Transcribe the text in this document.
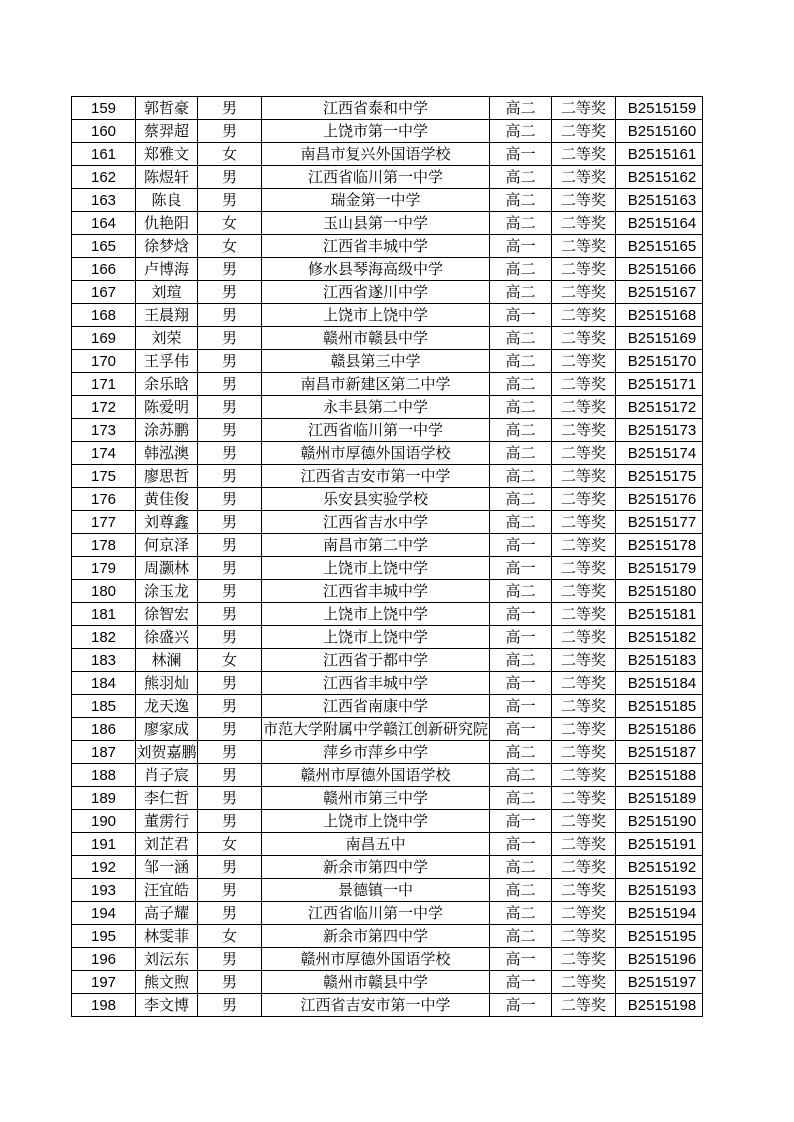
159	郭哲豪	男	江西省泰和中学	高二	二等奖	B2515159
160	蔡羿超	男	上饶市第一中学	高二	二等奖	B2515160
161	郑雅文	女	南昌市复兴外国语学校	高一	二等奖	B2515161
162	陈煜轩	男	江西省临川第一中学	高二	二等奖	B2515162
163	陈良	男	瑞金第一中学	高二	二等奖	B2515163
164	仇艳阳	女	玉山县第一中学	高二	二等奖	B2515164
165	徐梦焓	女	江西省丰城中学	高一	二等奖	B2515165
166	卢博海	男	修水县琴海高级中学	高二	二等奖	B2515166
167	刘瑄	男	江西省遂川中学	高二	二等奖	B2515167
168	王晨翔	男	上饶市上饶中学	高一	二等奖	B2515168
169	刘荣	男	赣州市赣县中学	高二	二等奖	B2515169
170	王孚伟	男	赣县第三中学	高二	二等奖	B2515170
171	余乐晗	男	南昌市新建区第二中学	高二	二等奖	B2515171
172	陈爱明	男	永丰县第二中学	高二	二等奖	B2515172
173	涂苏鹏	男	江西省临川第一中学	高二	二等奖	B2515173
174	韩泓澳	男	赣州市厚德外国语学校	高二	二等奖	B2515174
175	廖思哲	男	江西省吉安市第一中学	高二	二等奖	B2515175
176	黄佳俊	男	乐安县实验学校	高二	二等奖	B2515176
177	刘尊鑫	男	江西省吉水中学	高二	二等奖	B2515177
178	何京泽	男	南昌市第二中学	高一	二等奖	B2515178
179	周灏林	男	上饶市上饶中学	高一	二等奖	B2515179
180	涂玉龙	男	江西省丰城中学	高二	二等奖	B2515180
181	徐智宏	男	上饶市上饶中学	高一	二等奖	B2515181
182	徐盛兴	男	上饶市上饶中学	高一	二等奖	B2515182
183	林澜	女	江西省于都中学	高二	二等奖	B2515183
184	熊羽灿	男	江西省丰城中学	高一	二等奖	B2515184
185	龙天逸	男	江西省南康中学	高一	二等奖	B2515185
186	廖家成	男	市范大学附属中学赣江创新研究院	高一	二等奖	B2515186
187	刘贺嘉鹏	男	萍乡市萍乡中学	高二	二等奖	B2515187
188	肖子宸	男	赣州市厚德外国语学校	高二	二等奖	B2515188
189	李仁哲	男	赣州市第三中学	高二	二等奖	B2515189
190	董雳行	男	上饶市上饶中学	高一	二等奖	B2515190
191	刘芷君	女	南昌五中	高一	二等奖	B2515191
192	邹一涵	男	新余市第四中学	高二	二等奖	B2515192
193	汪宜皓	男	景德镇一中	高二	二等奖	B2515193
194	高子耀	男	江西省临川第一中学	高二	二等奖	B2515194
195	林雯菲	女	新余市第四中学	高二	二等奖	B2515195
196	刘沄东	男	赣州市厚德外国语学校	高一	二等奖	B2515196
197	熊文煦	男	赣州市赣县中学	高一	二等奖	B2515197
198	李文博	男	江西省吉安市第一中学	高一	二等奖	B2515198
